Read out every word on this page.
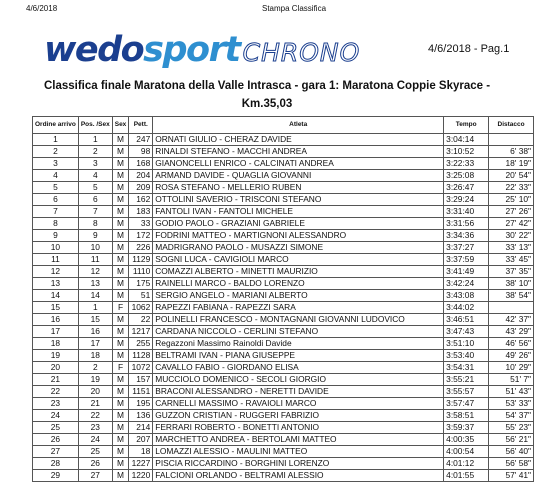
4/6/2018	Stampa Classifica
wedosport CHRONO	4/6/2018 - Pag.1
Classifica finale Maratona della Valle Intrasca - gara 1: Maratona Coppie Skyrace -
Km.35,03
Ordine arrivo	Pos. /Sex	Sex	Pett.	Atleta	Tempo	Distacco
1	1	M	247	ORNATI GIULIO - CHERAZ DAVIDE	3:04:14	
2	2	M	98	RINALDI STEFANO - MACCHI ANDREA	3:10:52	6' 38"
3	3	M	168	GIANONCELLI ENRICO - CALCINATI ANDREA	3:22:33	18' 19"
4	4	M	204	ARMAND DAVIDE - QUAGLIA GIOVANNI	3:25:08	20' 54"
5	5	M	209	ROSA STEFANO - MELLERIO RUBEN	3:26:47	22' 33"
6	6	M	162	OTTOLINI SAVERIO - TRISCONI STEFANO	3:29:24	25' 10"
7	7	M	183	FANTOLI IVAN - FANTOLI MICHELE	3:31:40	27' 26"
8	8	M	33	GODIO PAOLO - GRAZIANI GABRIELE	3:31:56	27' 42"
9	9	M	172	FODRINI MATTEO - MARTIGNONI ALESSANDRO	3:34:36	30' 22"
10	10	M	226	MADRIGRANO PAOLO - MUSAZZI SIMONE	3:37:27	33' 13"
11	11	M	1129	SOGNI LUCA - CAVIGIOLI MARCO	3:37:59	33' 45"
12	12	M	1110	COMAZZI ALBERTO - MINETTI MAURIZIO	3:41:49	37' 35"
13	13	M	175	RAINELLI MARCO - BALDO LORENZO	3:42:24	38' 10"
14	14	M	51	SERGIO ANGELO - MARIANI ALBERTO	3:43:08	38' 54"
15	1	F	1062	RAPEZZI FABIANA - RAPEZZI SARA	3:44:02	
16	15	M	22	POLINELLI FRANCESCO - MONTAGNANI GIOVANNI LUDOVICO	3:46:51	42' 37"
17	16	M	1217	CARDANA NICCOLO - CERLINI STEFANO	3:47:43	43' 29"
18	17	M	255	Regazzoni Massimo Rainoldi Davide	3:51:10	46' 56"
19	18	M	1128	BELTRAMI IVAN - PIANA GIUSEPPE	3:53:40	49' 26"
20	2	F	1072	CAVALLO FABIO - GIORDANO ELISA	3:54:31	10' 29"
21	19	M	157	MUCCIOLO DOMENICO - SECOLI GIORGIO	3:55:21	51' 7"
22	20	M	1151	BRACONI ALESSANDRO - NERETTI DAVIDE	3:55:57	51' 43"
23	21	M	195	CARNELLI MASSIMO - RAVAIOLI MARCO	3:57:47	53' 33"
24	22	M	136	GUZZON CRISTIAN - RUGGERI FABRIZIO	3:58:51	54' 37"
25	23	M	214	FERRARI ROBERTO - BONETTI ANTONIO	3:59:37	55' 23"
26	24	M	207	MARCHETTO ANDREA - BERTOLAMI MATTEO	4:00:35	56' 21"
27	25	M	18	LOMAZZI ALESSIO - MAULINI MATTEO	4:00:54	56' 40"
28	26	M	1227	PISCIA RICCARDINO - BORGHINI LORENZO	4:01:12	56' 58"
29	27	M	1220	FALCIONI ORLANDO - BELTRAMI ALESSIO	4:01:55	57' 41"
